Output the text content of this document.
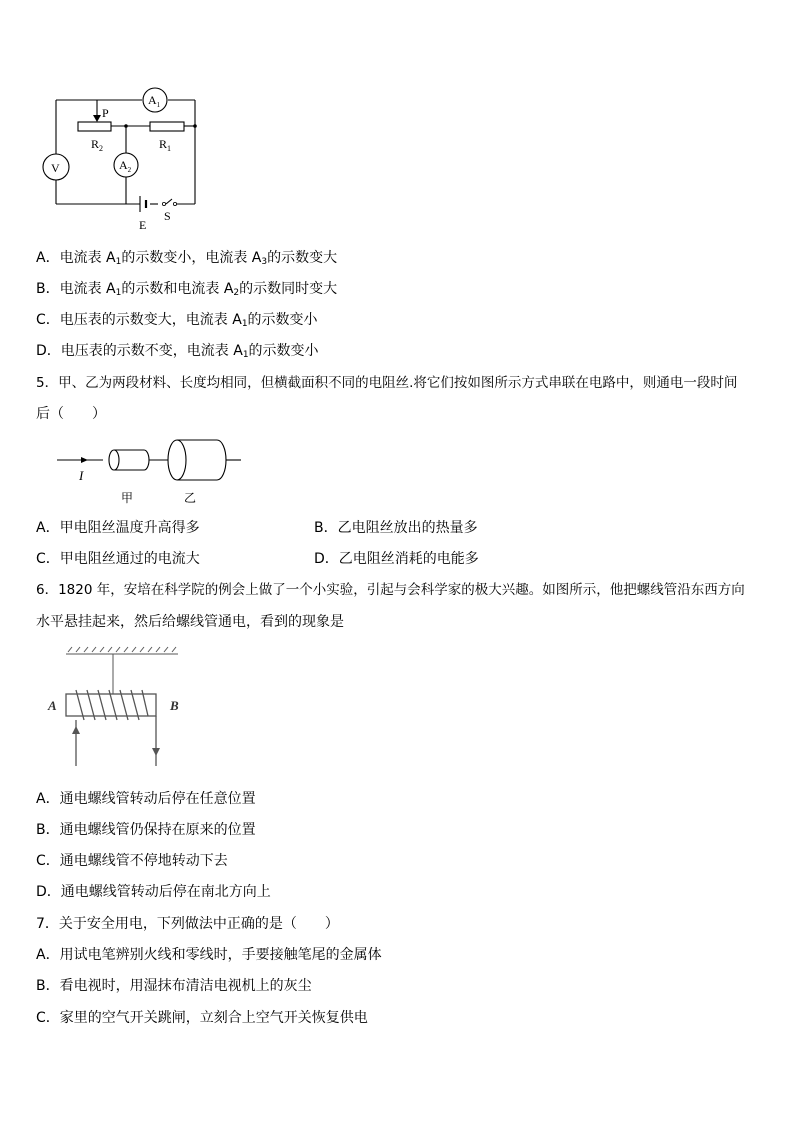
P
$R_2$	$R_1$
$A_1$
$A_2$
V
E
S
A．电流表 $A_1$的示数变小，电流表 $A_3$的示数变大
B．电流表 $A_1$的示数和电流表 $A_2$的示数同时变大
C．电压表的示数变大，电流表 $A_1$的示数变小
D．电压表的示数不变，电流表 $A_1$的示数变小
5．甲、乙为两段材料、长度均相同，但横截面积不同的电阻丝.将它们按如图所示方式串联在电路中，则通电一段时间
后（　　）
I
甲	乙
A．甲电阻丝温度升高得多	B．乙电阻丝放出的热量多
C．甲电阻丝通过的电流大	D．乙电阻丝消耗的电能多
6．1820 年，安培在科学院的例会上做了一个小实验，引起与会科学家的极大兴趣。如图所示，他把螺线管沿东西方向
水平悬挂起来，然后给螺线管通电，看到的现象是
A	B
A．通电螺线管转动后停在任意位置
B．通电螺线管仍保持在原来的位置
C．通电螺线管不停地转动下去
D．通电螺线管转动后停在南北方向上
7．关于安全用电，下列做法中正确的是（　　）
A．用试电笔辨别火线和零线时，手要接触笔尾的金属体
B．看电视时，用湿抹布清洁电视机上的灰尘
C．家里的空气开关跳闸，立刻合上空气开关恢复供电
